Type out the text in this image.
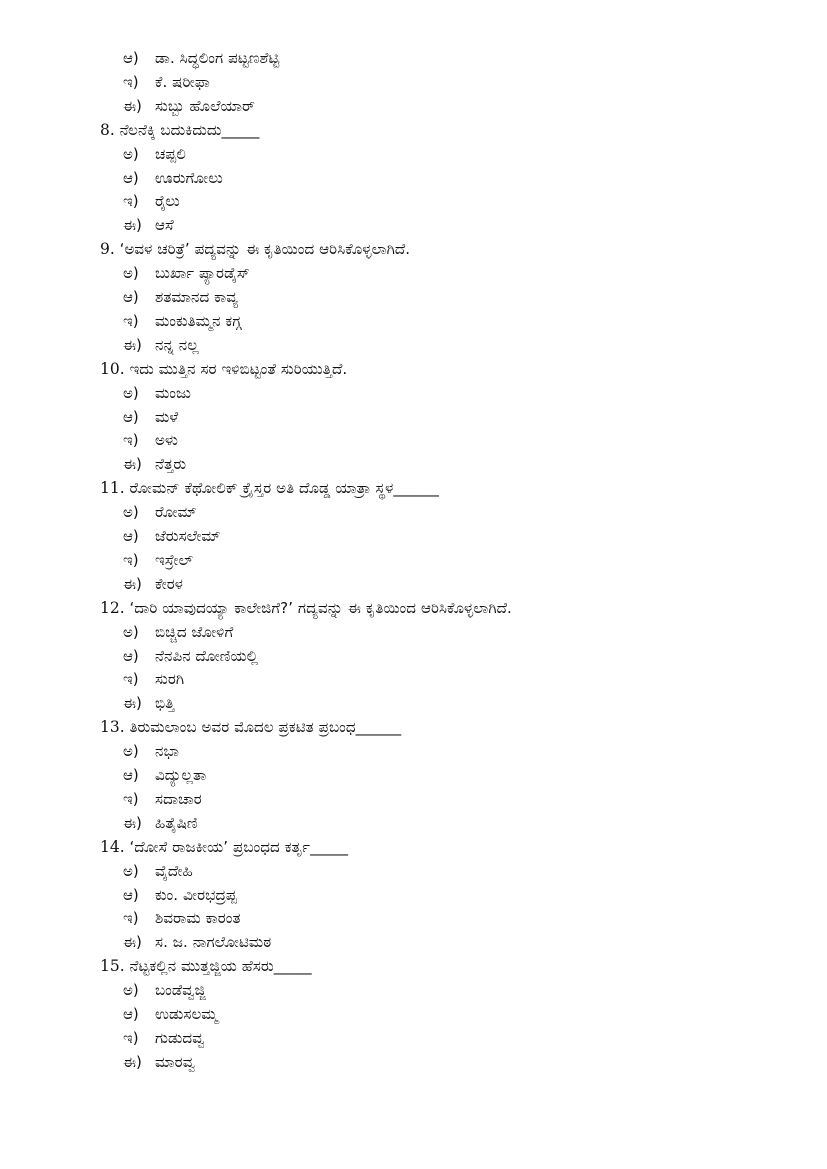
ಆ) ಡಾ. ಸಿದ್ಧಲಿಂಗ ಪಟ್ಟಣಶೆಟ್ಟಿ
ಇ) ಕೆ. ಷರೀಫಾ
ಈ) ಸುಬ್ಬು ಹೊಲೆಯಾರ್
8. ನೆಲನೆಕ್ಕಿ ಬದುಕಿದುದು_____
ಅ) ಚಪ್ಪಲಿ
ಆ) ಊರುಗೋಲು
ಇ) ರೈಲು
ಈ) ಆಸೆ
9. ‘ಅವಳ ಚರಿತ್ರೆ’ ಪದ್ಯವನ್ನು ಈ ಕೃತಿಯಿಂದ ಆರಿಸಿಕೊಳ್ಳಲಾಗಿದೆ.
ಅ) ಬುರ್ಖಾ ಪ್ಯಾರಡೈಸ್
ಆ) ಶತಮಾನದ ಕಾವ್ಯ
ಇ) ಮಂಕುತಿಮ್ಮನ ಕಗ್ಗ
ಈ) ನನ್ನ ನಲ್ಲ
10. ಇದು ಮುತ್ತಿನ ಸರ ಇಳಿಬಿಟ್ಟಂತೆ ಸುರಿಯುತ್ತಿದೆ.
ಅ) ಮಂಜು
ಆ) ಮಳೆ
ಇ) ಅಳು
ಈ) ನೆತ್ತರು
11. ರೋಮನ್ ಕೆಥೋಲಿಕ್ ಕ್ರೈಸ್ತರ ಅತಿ ದೊಡ್ಡ ಯಾತ್ರಾ ಸ್ಥಳ______
ಅ) ರೋಮ್
ಆ) ಜೆರುಸಲೇಮ್
ಇ) ಇಸ್ರೇಲ್
ಈ) ಕೇರಳ
12. ‘ದಾರಿ ಯಾವುದಯ್ಯಾ ಕಾಲೇಜಿಗೆ?’ ಗದ್ಯವನ್ನು ಈ ಕೃತಿಯಿಂದ ಆರಿಸಿಕೊಳ್ಳಲಾಗಿದೆ.
ಅ) ಬಿಚ್ಚಿದ ಜೋಳಿಗೆ
ಆ) ನೆನಪಿನ ದೋಣಿಯಲ್ಲಿ
ಇ) ಸುರಗಿ
ಈ) ಭಿತ್ತಿ
13. ತಿರುಮಲಾಂಬ ಅವರ ಮೊದಲ ಪ್ರಕಟಿತ ಪ್ರಬಂಧ______
ಅ) ನಭಾ
ಆ) ವಿದ್ಯುಲ್ಲತಾ
ಇ) ಸದಾಚಾರ
ಈ) ಹಿತೈಷಿಣಿ
14. ‘ದೋಸೆ ರಾಜಕೀಯ’ ಪ್ರಬಂಧದ ಕರ್ತೃ_____
ಅ) ವೈದೇಹಿ
ಆ) ಕುಂ. ವೀರಭದ್ರಪ್ಪ
ಇ) ಶಿವರಾಮ ಕಾರಂತ
ಈ) ಸ. ಜ. ನಾಗಲೋಟಿಮಠ
15. ನೆಟ್ಟಕಲ್ಲಿನ ಮುತ್ತಜ್ಜಿಯ ಹೆಸರು_____
ಅ) ಬಂಡೆವ್ವಜ್ಜಿ
ಆ) ಉಡುಸಲಮ್ಮ
ಇ) ಗುಡುದವ್ವ
ಈ) ಮಾರವ್ವ
